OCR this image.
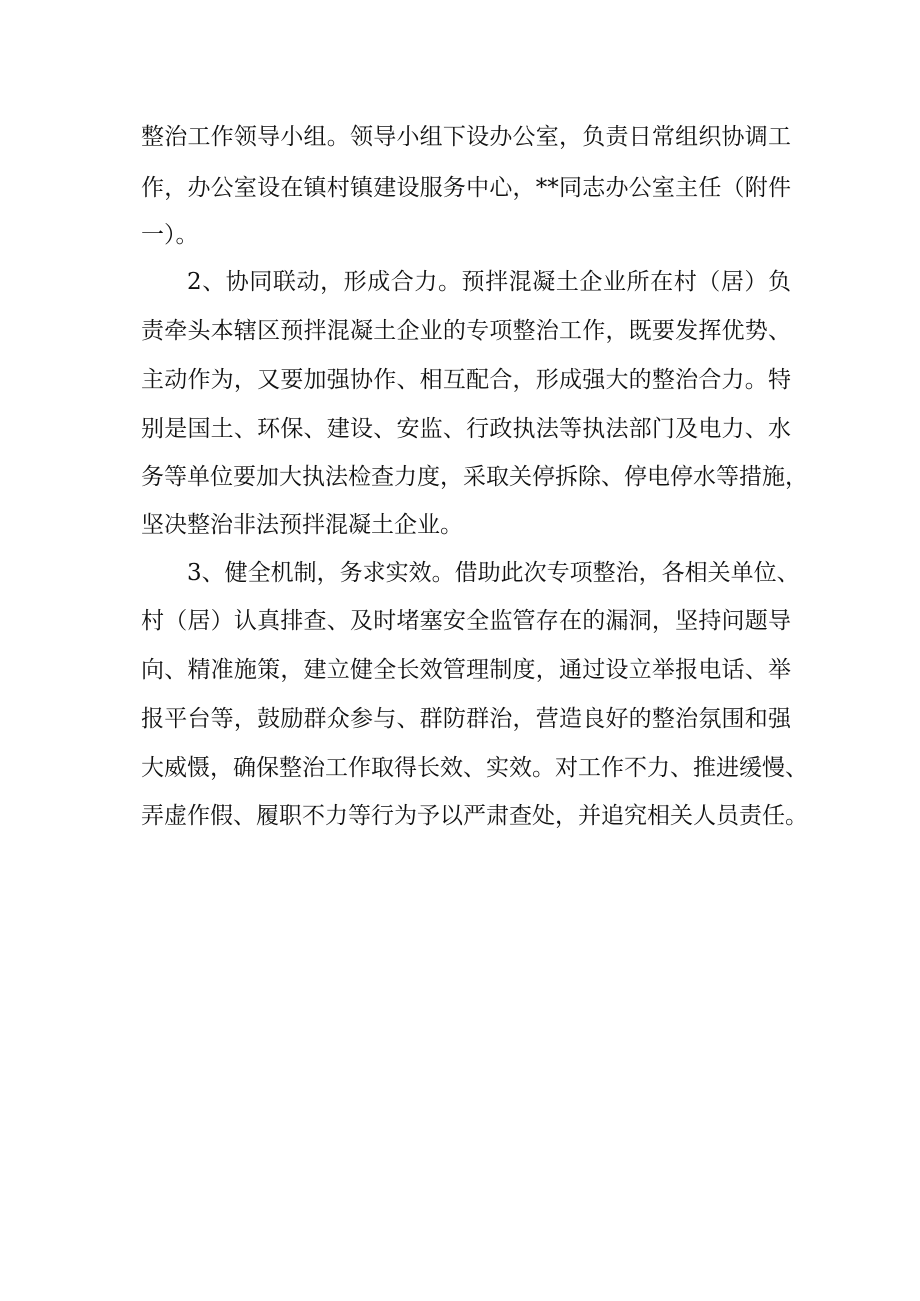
整治工作领导小组。领导小组下设办公室，负责日常组织协调工

作，办公室设在镇村镇建设服务中心，**同志办公室主任（附件

一）。

2、协同联动，形成合力。预拌混凝土企业所在村（居）负

责牵头本辖区预拌混凝土企业的专项整治工作，既要发挥优势、

主动作为，又要加强协作、相互配合，形成强大的整治合力。特

别是国土、环保、建设、安监、行政执法等执法部门及电力、水

务等单位要加大执法检查力度，采取关停拆除、停电停水等措施，

坚决整治非法预拌混凝土企业。

3、健全机制，务求实效。借助此次专项整治，各相关单位、

村（居）认真排查、及时堵塞安全监管存在的漏洞，坚持问题导

向、精准施策，建立健全长效管理制度，通过设立举报电话、举

报平台等，鼓励群众参与、群防群治，营造良好的整治氛围和强

大威慑，确保整治工作取得长效、实效。对工作不力、推进缓慢、

弄虚作假、履职不力等行为予以严肃查处，并追究相关人员责任。
